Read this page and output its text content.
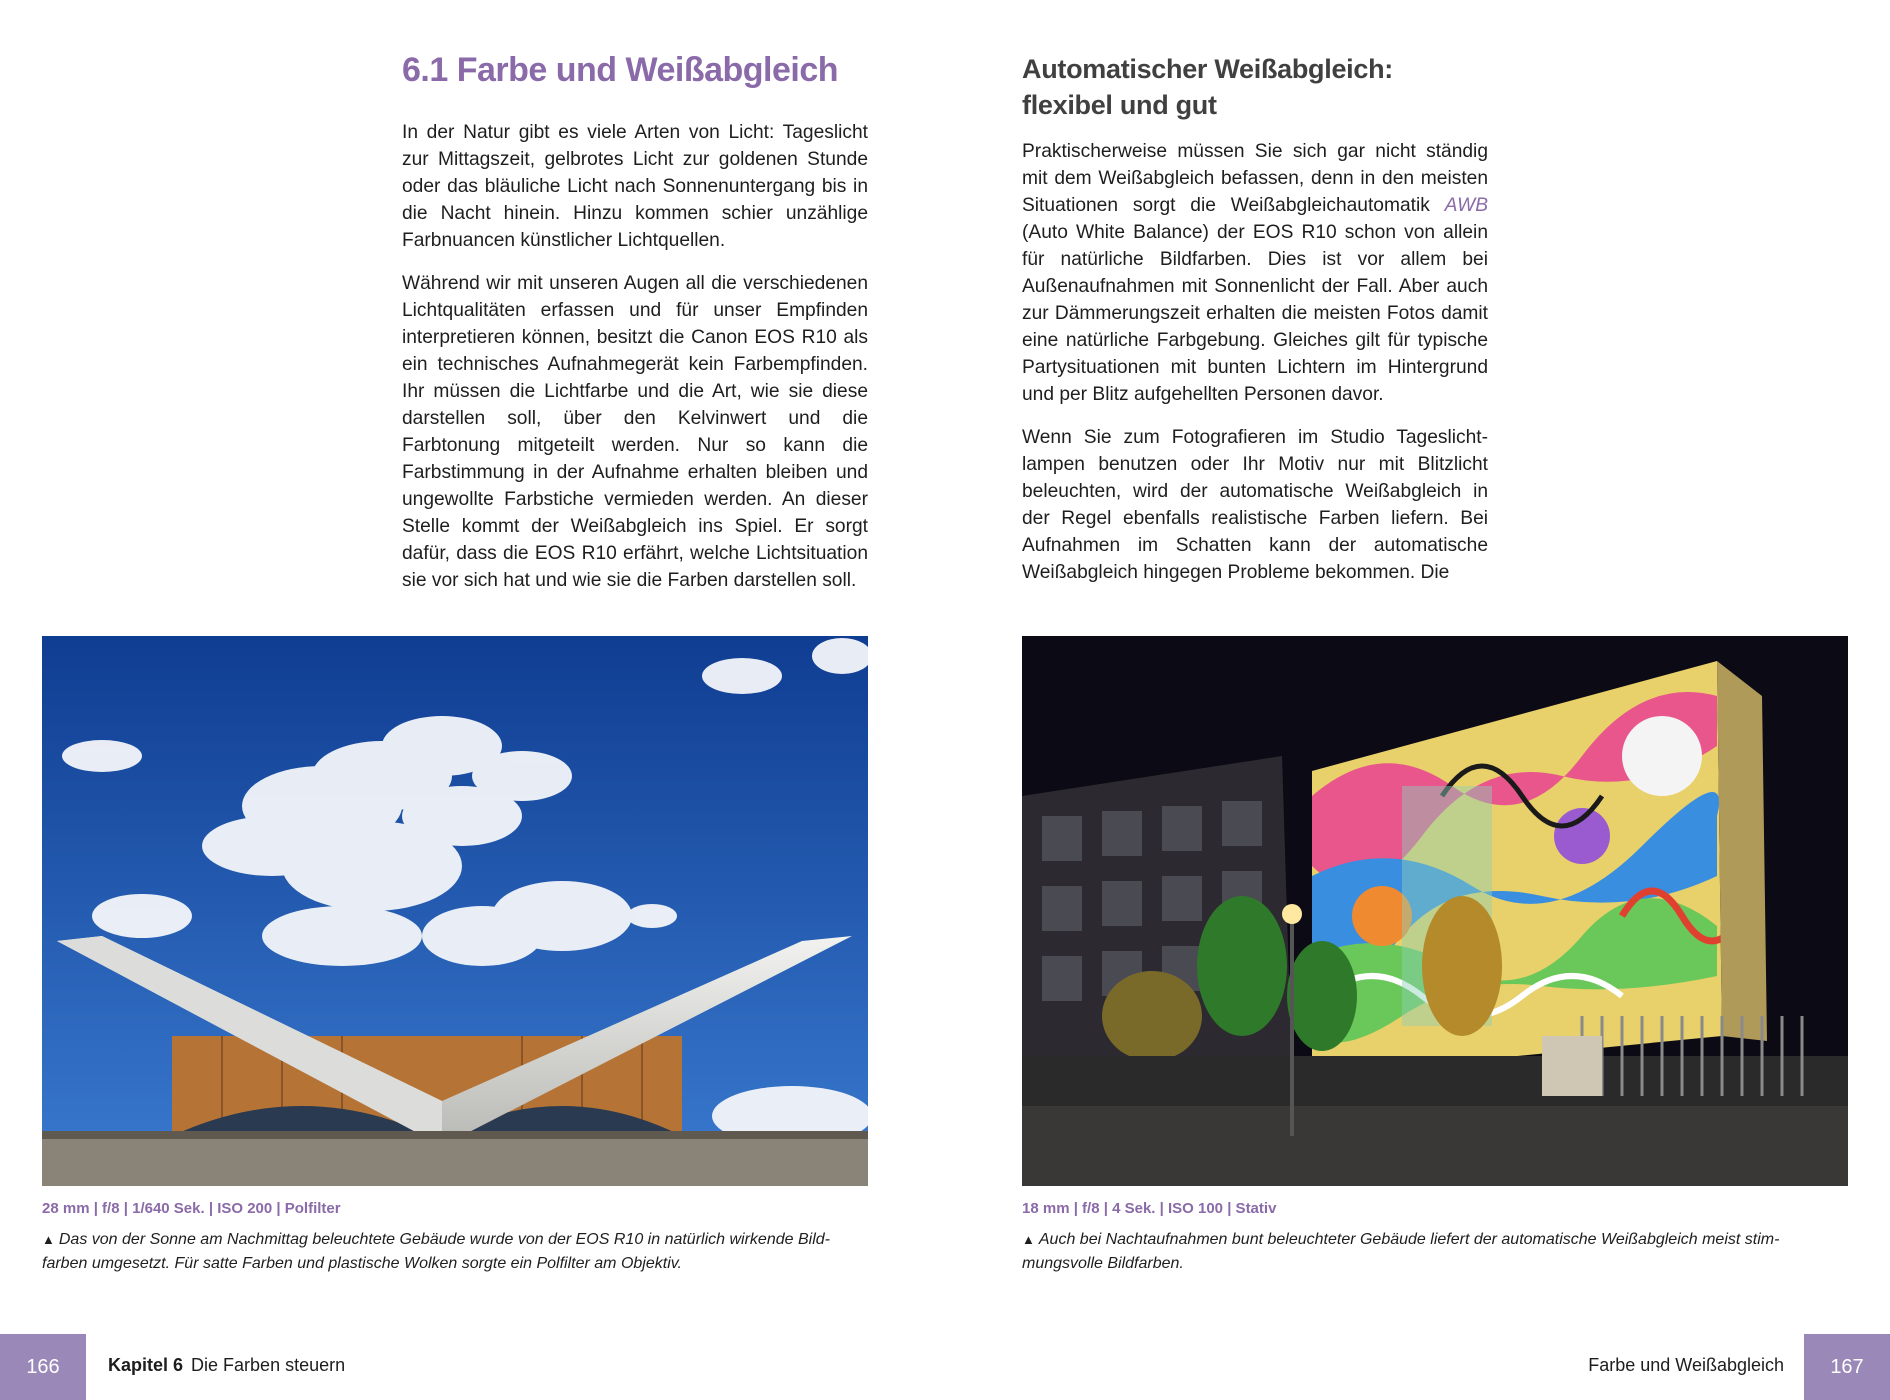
6.1 Farbe und Weißabgleich

In der Natur gibt es viele Arten von Licht: Tageslicht zur Mittagszeit, gelbrotes Licht zur goldenen Stunde oder das bläuliche Licht nach Sonnenuntergang bis in die Nacht hinein. Hinzu kommen schier unzählige Farbnuancen künstlicher Lichtquellen.

Während wir mit unseren Augen all die verschiedenen Lichtqualitäten erfassen und für unser Empfinden interpretieren können, besitzt die Canon EOS R10 als ein technisches Aufnahmegerät kein Farbempfinden. Ihr müssen die Lichtfarbe und die Art, wie sie diese darstellen soll, über den Kelvinwert und die Farbtonung mitgeteilt werden. Nur so kann die Farbstimmung in der Aufnahme erhalten bleiben und ungewollte Farbstiche vermieden werden. An dieser Stelle kommt der Weißabgleich ins Spiel. Er sorgt dafür, dass die EOS R10 erfährt, welche Lichtsituation sie vor sich hat und wie sie die Farben darstellen soll.

28 mm | f/8 | 1/640 Sek. | ISO 200 | Polfilter
▲ Das von der Sonne am Nachmittag beleuchtete Gebäude wurde von der EOS R10 in natürlich wirkende Bildfarben umgesetzt. Für satte Farben und plastische Wolken sorgte ein Polfilter am Objektiv.
166	Kapitel 6 Die Farben steuern
Automatischer Weißabgleich:
flexibel und gut

Praktischerweise müssen Sie sich gar nicht ständig mit dem Weißabgleich befassen, denn in den meisten Situationen sorgt die Weißabgleichautomatik AWB (Auto White Balance) der EOS R10 schon von allein für natürliche Bildfarben. Dies ist vor allem bei Außenaufnahmen mit Sonnenlicht der Fall. Aber auch zur Dämmerungszeit erhalten die meisten Fotos damit eine natürliche Farbgebung. Gleiches gilt für typische Partysituationen mit bunten Lichtern im Hintergrund und per Blitz aufgehellten Personen davor.

Wenn Sie zum Fotografieren im Studio Tageslichtlampen benutzen oder Ihr Motiv nur mit Blitzlicht beleuchten, wird der automatische Weißabgleich in der Regel ebenfalls realistische Farben liefern. Bei Aufnahmen im Schatten kann der automatische Weißabgleich hingegen Probleme bekommen. Die

18 mm | f/8 | 4 Sek. | ISO 100 | Stativ
▲ Auch bei Nachtaufnahmen bunt beleuchteter Gebäude liefert der automatische Weißabgleich meist stimmungsvolle Bildfarben.
Farbe und Weißabgleich 167
